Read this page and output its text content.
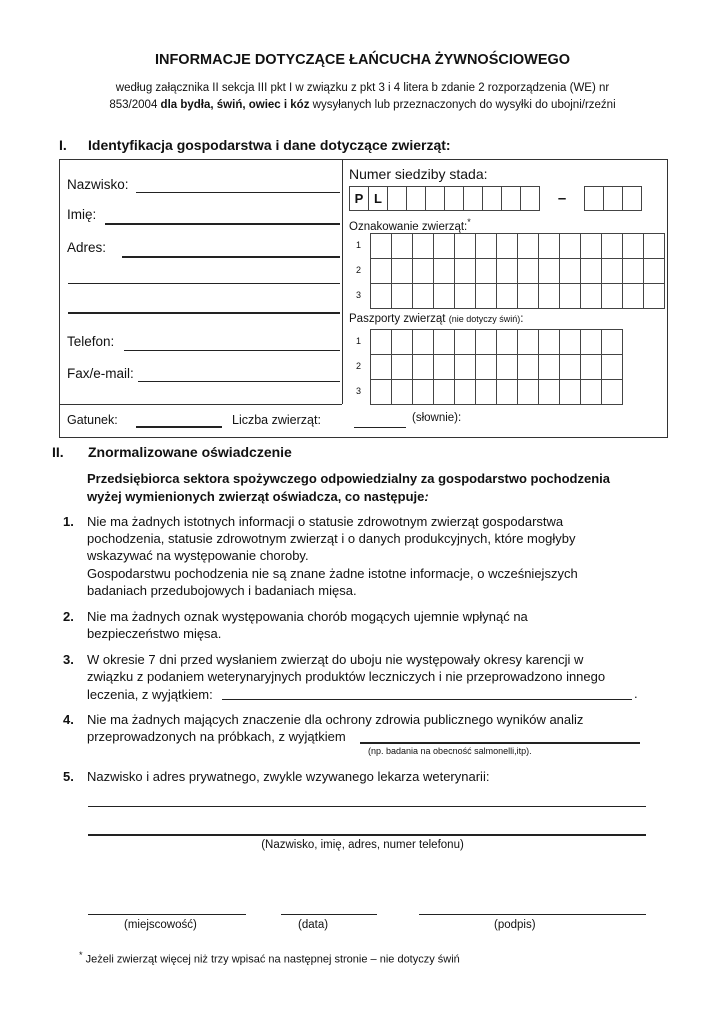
INFORMACJE DOTYCZĄCE ŁAŃCUCHA ŻYWNOŚCIOWEGO
według załącznika II sekcja III pkt I w związku z pkt 3 i 4 litera b zdanie 2 rozporządzenia (WE) nr
853/2004 dla bydła, świń, owiec i kóz wysyłanych lub przeznaczonych do wysyłki do ubojni/rzeźni
I. Identyfikacja gospodarstwa i dane dotyczące zwierząt:
Nazwisko:
Imię:
Adres:
Telefon:
Fax/e-mail:
Numer siedziby stada:
P L	–
Oznakowanie zwierząt:*
1
2
3
Paszporty zwierząt (nie dotyczy świń):
1
2
3
Gatunek:	Liczba zwierząt:	(słownie):
II. Znormalizowane oświadczenie
Przedsiębiorca sektora spożywczego odpowiedzialny za gospodarstwo pochodzenia
wyżej wymienionych zwierząt oświadcza, co następuje:
1. Nie ma żadnych istotnych informacji o statusie zdrowotnym zwierząt gospodarstwa
pochodzenia, statusie zdrowotnym zwierząt i o danych produkcyjnych, które mogłyby
wskazywać na występowanie choroby.
Gospodarstwu pochodzenia nie są znane żadne istotne informacje, o wcześniejszych
badaniach przedubojowych i badaniach mięsa.
2. Nie ma żadnych oznak występowania chorób mogących ujemnie wpłynąć na
bezpieczeństwo mięsa.
3. W okresie 7 dni przed wysłaniem zwierząt do uboju nie występowały okresy karencji w
związku z podaniem weterynaryjnych produktów leczniczych i nie przeprowadzono innego
leczenia, z wyjątkiem:	.
4. Nie ma żadnych mających znaczenie dla ochrony zdrowia publicznego wyników analiz
przeprowadzonych na próbkach, z wyjątkiem
(np. badania na obecność salmonelli,itp).
5. Nazwisko i adres prywatnego, zwykle wzywanego lekarza weterynarii:
(Nazwisko, imię, adres, numer telefonu)
(miejscowość)	(data)	(podpis)
* Jeżeli zwierząt więcej niż trzy wpisać na następnej stronie – nie dotyczy świń
